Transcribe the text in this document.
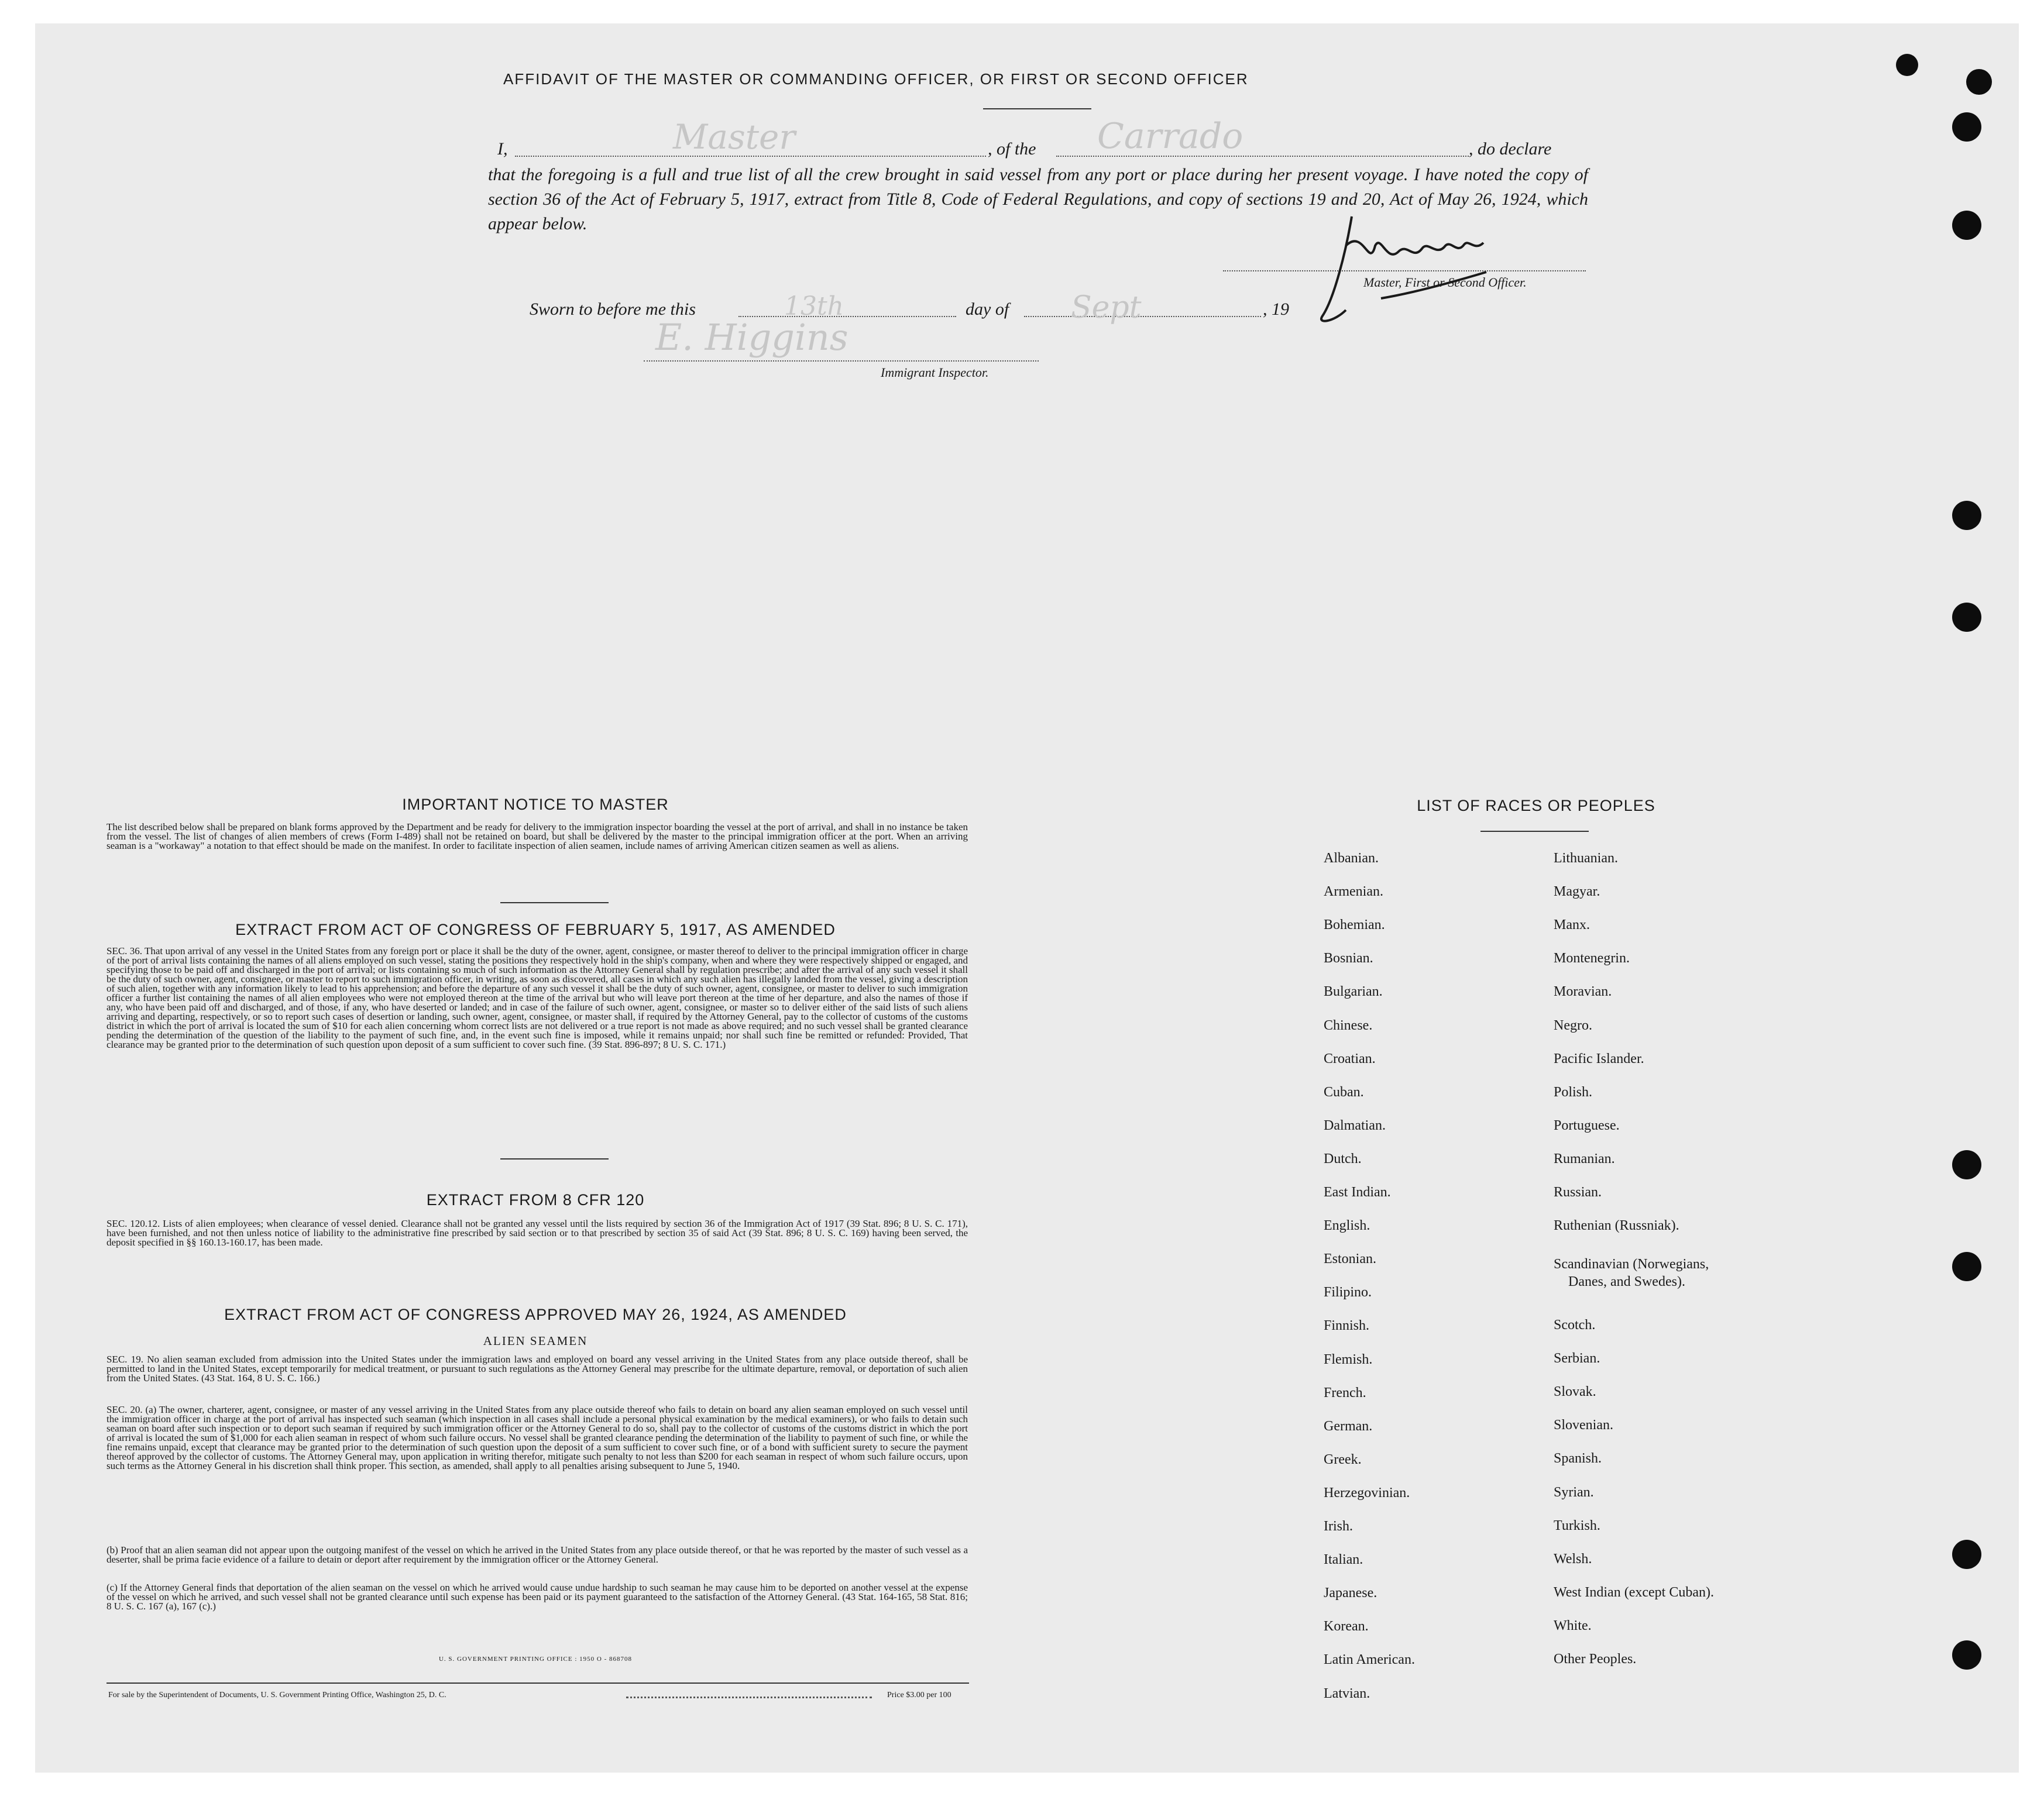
AFFIDAVIT OF THE MASTER OR COMMANDING OFFICER, OR FIRST OR SECOND OFFICER
I,	Master	, of the Carrado	, do declare
that the foregoing is a full and true list of all the crew brought in said vessel from any port or place during her present voyage. I have noted the copy of section 36 of the Act of February 5, 1917, extract from Title 8, Code of Federal Regulations, and copy of sections 19 and 20, Act of May 26, 1924, which appear below.
Master, First or Second Officer.
Sworn to before me this	13th	day of Sept	, 19
E. Higgins
Immigrant Inspector.
IMPORTANT NOTICE TO MASTER
The list described below shall be prepared on blank forms approved by the Department and be ready for delivery to the immigration inspector boarding the vessel at the port of arrival, and shall in no instance be taken from the vessel. The list of changes of alien members of crews (Form I-489) shall not be retained on board, but shall be delivered by the master to the principal immigration officer at the port. When an arriving seaman is a "workaway" a notation to that effect should be made on the manifest. In order to facilitate inspection of alien seamen, include names of arriving American citizen seamen as well as aliens.
EXTRACT FROM ACT OF CONGRESS OF FEBRUARY 5, 1917, AS AMENDED
SEC. 36. That upon arrival of any vessel in the United States from any foreign port or place it shall be the duty of the owner, agent, consignee, or master thereof to deliver to the principal immigration officer in charge of the port of arrival lists containing the names of all aliens employed on such vessel, stating the positions they respectively hold in the ship's company, when and where they were respectively shipped or engaged, and specifying those to be paid off and discharged in the port of arrival; or lists containing so much of such information as the Attorney General shall by regulation prescribe; and after the arrival of any such vessel it shall be the duty of such owner, agent, consignee, or master to report to such immigration officer, in writing, as soon as discovered, all cases in which any such alien has illegally landed from the vessel, giving a description of such alien, together with any information likely to lead to his apprehension; and before the departure of any such vessel it shall be the duty of such owner, agent, consignee, or master to deliver to such immigration officer a further list containing the names of all alien employees who were not employed thereon at the time of the arrival but who will leave port thereon at the time of her departure, and also the names of those if any, who have been paid off and discharged, and of those, if any, who have deserted or landed; and in case of the failure of such owner, agent, consignee, or master so to deliver either of the said lists of such aliens arriving and departing, respectively, or so to report such cases of desertion or landing, such owner, agent, consignee, or master shall, if required by the Attorney General, pay to the collector of customs of the customs district in which the port of arrival is located the sum of $10 for each alien concerning whom correct lists are not delivered or a true report is not made as above required; and no such vessel shall be granted clearance pending the determination of the question of the liability to the payment of such fine, and, in the event such fine is imposed, while it remains unpaid; nor shall such fine be remitted or refunded: Provided, That clearance may be granted prior to the determination of such question upon deposit of a sum sufficient to cover such fine. (39 Stat. 896-897; 8 U. S. C. 171.)
EXTRACT FROM 8 CFR 120
SEC. 120.12. Lists of alien employees; when clearance of vessel denied. Clearance shall not be granted any vessel until the lists required by section 36 of the Immigration Act of 1917 (39 Stat. 896; 8 U. S. C. 171), have been furnished, and not then unless notice of liability to the administrative fine prescribed by said section or to that prescribed by section 35 of said Act (39 Stat. 896; 8 U. S. C. 169) having been served, the deposit specified in §§ 160.13-160.17, has been made.
EXTRACT FROM ACT OF CONGRESS APPROVED MAY 26, 1924, AS AMENDED
ALIEN SEAMEN
SEC. 19. No alien seaman excluded from admission into the United States under the immigration laws and employed on board any vessel arriving in the United States from any place outside thereof, shall be permitted to land in the United States, except temporarily for medical treatment, or pursuant to such regulations as the Attorney General may prescribe for the ultimate departure, removal, or deportation of such alien from the United States. (43 Stat. 164, 8 U. S. C. 166.)
SEC. 20. (a) The owner, charterer, agent, consignee, or master of any vessel arriving in the United States from any place outside thereof who fails to detain on board any alien seaman employed on such vessel until the immigration officer in charge at the port of arrival has inspected such seaman (which inspection in all cases shall include a personal physical examination by the medical examiners), or who fails to detain such seaman on board after such inspection or to deport such seaman if required by such immigration officer or the Attorney General to do so, shall pay to the collector of customs of the customs district in which the port of arrival is located the sum of $1,000 for each alien seaman in respect of whom such failure occurs. No vessel shall be granted clearance pending the determination of the liability to payment of such fine, or while the fine remains unpaid, except that clearance may be granted prior to the determination of such question upon the deposit of a sum sufficient to cover such fine, or of a bond with sufficient surety to secure the payment thereof approved by the collector of customs. The Attorney General may, upon application in writing therefor, mitigate such penalty to not less than $200 for each seaman in respect of whom such failure occurs, upon such terms as the Attorney General in his discretion shall think proper. This section, as amended, shall apply to all penalties arising subsequent to June 5, 1940.
(b) Proof that an alien seaman did not appear upon the outgoing manifest of the vessel on which he arrived in the United States from any place outside thereof, or that he was reported by the master of such vessel as a deserter, shall be prima facie evidence of a failure to detain or deport after requirement by the immigration officer or the Attorney General.
(c) If the Attorney General finds that deportation of the alien seaman on the vessel on which he arrived would cause undue hardship to such seaman he may cause him to be deported on another vessel at the expense of the vessel on which he arrived, and such vessel shall not be granted clearance until such expense has been paid or its payment guaranteed to the satisfaction of the Attorney General. (43 Stat. 164-165, 58 Stat. 816; 8 U. S. C. 167 (a), 167 (c).)
U. S. GOVERNMENT PRINTING OFFICE : 1950 O - 868708
For sale by the Superintendent of Documents, U. S. Government Printing Office, Washington 25, D. C.	Price $3.00 per 100
LIST OF RACES OR PEOPLES
Albanian.
Armenian.
Bohemian.
Bosnian.
Bulgarian.
Chinese.
Croatian.
Cuban.
Dalmatian.
Dutch.
East Indian.
English.
Estonian.
Filipino.
Finnish.
Flemish.
French.
German.
Greek.
Herzegovinian.
Irish.
Italian.
Japanese.
Korean.
Latin American.
Latvian.
Lithuanian.
Magyar.
Manx.
Montenegrin.
Moravian.
Negro.
Pacific Islander.
Polish.
Portuguese.
Rumanian.
Russian.
Ruthenian (Russniak).
Scandinavian (Norwegians,
Danes, and Swedes).
Scotch.
Serbian.
Slovak.
Slovenian.
Spanish.
Syrian.
Turkish.
Welsh.
West Indian (except Cuban).
White.
Other Peoples.
